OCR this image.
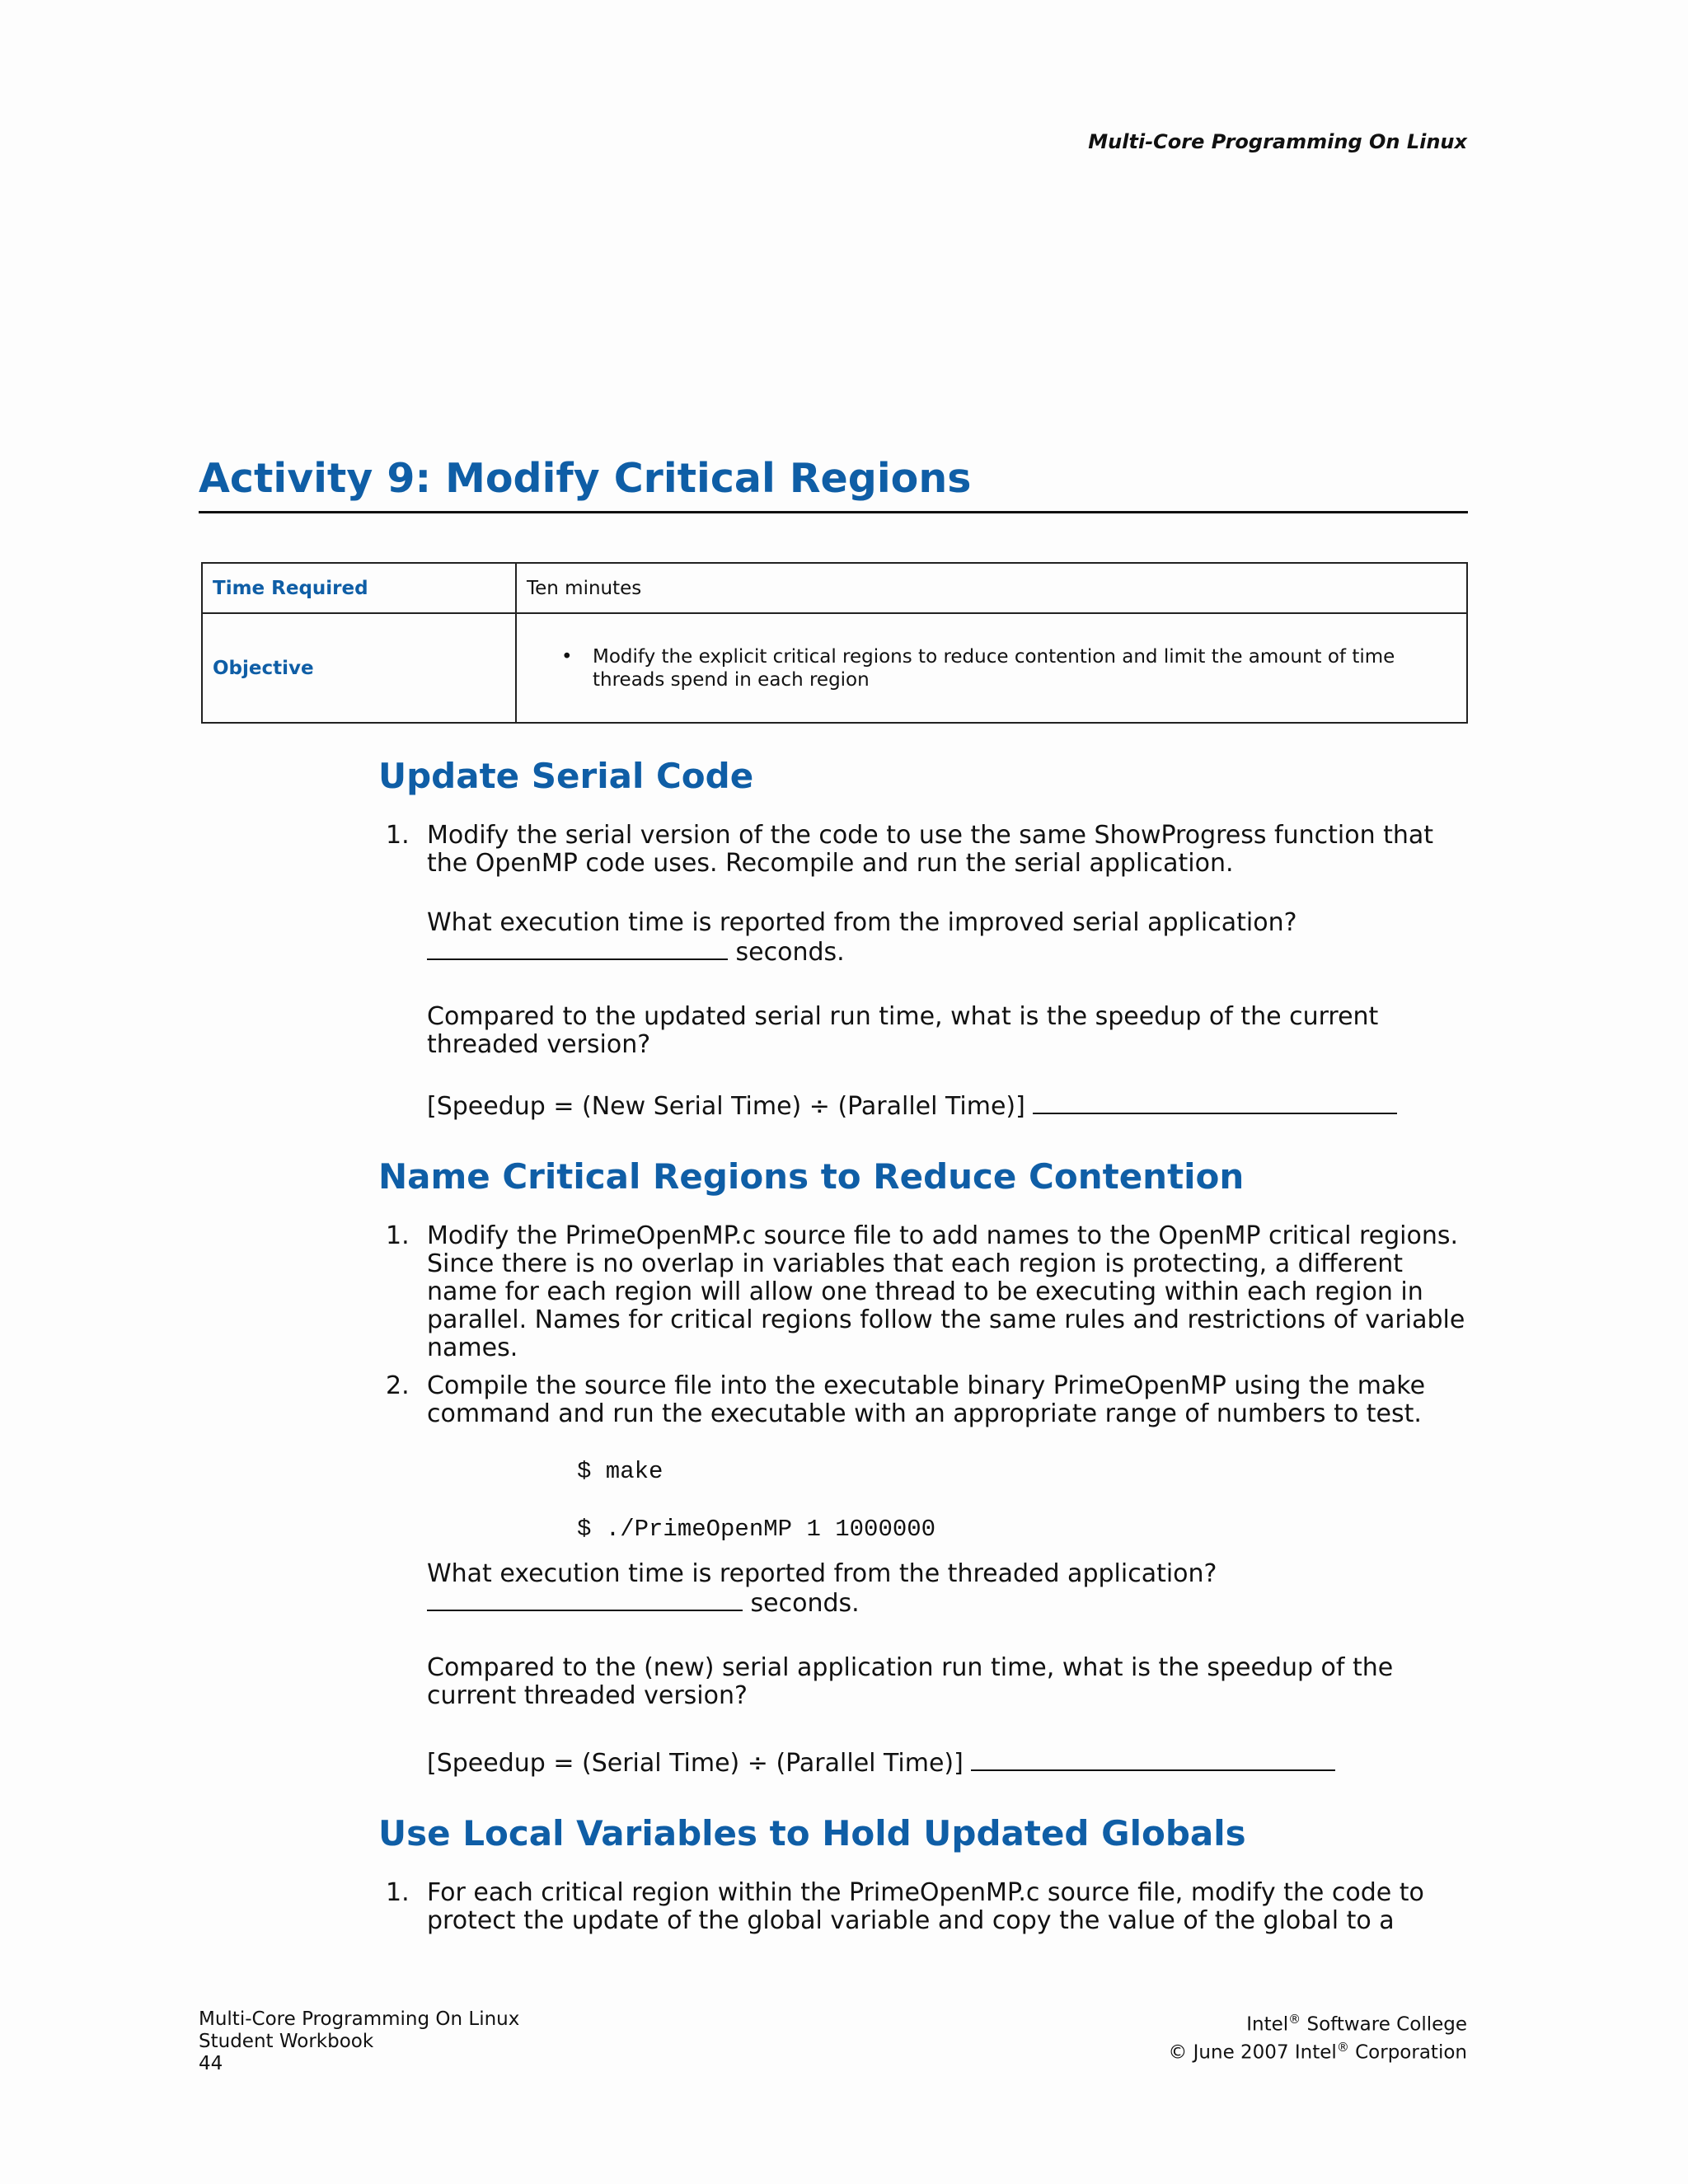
Multi-Core Programming On Linux
Activity 9: Modify Critical Regions
Time Required	Ten minutes
Objective	• Modify the explicit critical regions to reduce contention and limit the amount of time threads spend in each region
Update Serial Code
1. Modify the serial version of the code to use the same ShowProgress function that the OpenMP code uses. Recompile and run the serial application.
What execution time is reported from the improved serial application?
seconds.
Compared to the updated serial run time, what is the speedup of the current threaded version?
[Speedup = (New Serial Time) ÷ (Parallel Time)]
Name Critical Regions to Reduce Contention
1. Modify the PrimeOpenMP.c source file to add names to the OpenMP critical regions. Since there is no overlap in variables that each region is protecting, a different name for each region will allow one thread to be executing within each region in parallel. Names for critical regions follow the same rules and restrictions of variable names.
2. Compile the source file into the executable binary PrimeOpenMP using the make command and run the executable with an appropriate range of numbers to test.
$ make
$ ./PrimeOpenMP 1 1000000
What execution time is reported from the threaded application?
seconds.
Compared to the (new) serial application run time, what is the speedup of the current threaded version?
[Speedup = (Serial Time) ÷ (Parallel Time)]
Use Local Variables to Hold Updated Globals
1. For each critical region within the PrimeOpenMP.c source file, modify the code to protect the update of the global variable and copy the value of the global to a
Multi-Core Programming On Linux
Student Workbook
44
Intel® Software College
© June 2007 Intel® Corporation
